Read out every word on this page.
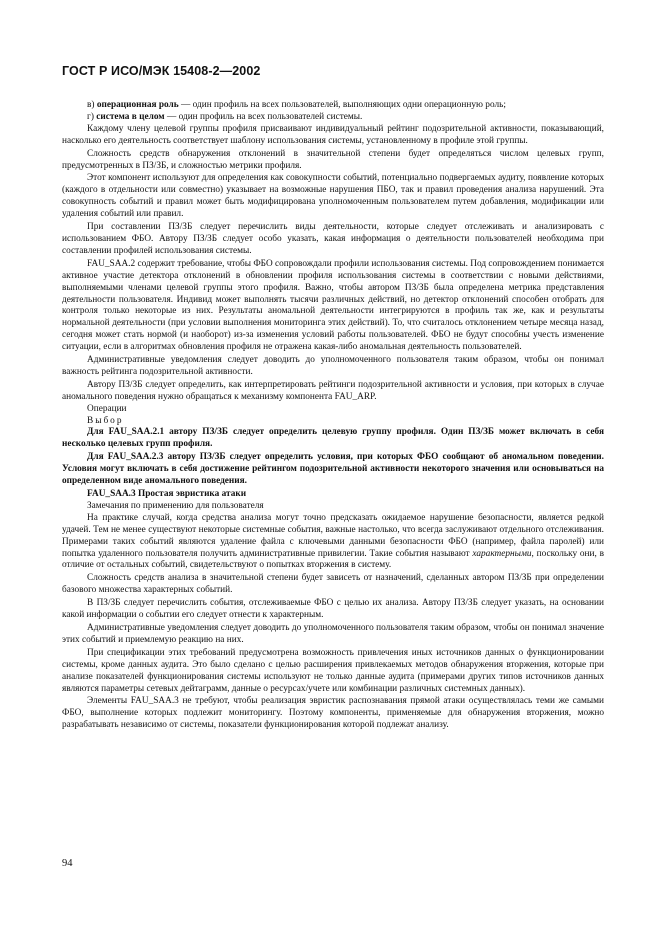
ГОСТ Р ИСО/МЭК 15408-2—2002

в) операционная роль — один профиль на всех пользователей, выполняющих одни операционную роль;

г) система в целом — один профиль на всех пользователей системы.

Каждому члену целевой группы профиля присваивают индивидуальный рейтинг подозрительной активности, показывающий, насколько его деятельность соответствует шаблону использования системы, установленному в профиле этой группы.

Сложность средств обнаружения отклонений в значительной степени будет определяться числом целевых групп, предусмотренных в ПЗ/ЗБ, и сложностью метрики профиля.

Этот компонент используют для определения как совокупности событий, потенциально подвергаемых аудиту, появление которых (каждого в отдельности или совместно) указывает на возможные нарушения ПБО, так и правил проведения анализа нарушений. Эта совокупность событий и правил может быть модифицирована уполномоченным пользователем путем добавления, модификации или удаления событий или правил.

При составлении ПЗ/ЗБ следует перечислить виды деятельности, которые следует отслеживать и анализировать с использованием ФБО. Автору ПЗ/ЗБ следует особо указать, какая информация о деятельности пользователей необходима при составлении профилей использования системы.

FAU_SAA.2 содержит требование, чтобы ФБО сопровождали профили использования системы. Под сопровождением понимается активное участие детектора отклонений в обновлении профиля использования системы в соответствии с новыми действиями, выполняемыми членами целевой группы этого профиля. Важно, чтобы автором ПЗ/ЗБ была определена метрика представления деятельности пользователя. Индивид может выполнять тысячи различных действий, но детектор отклонений способен отобрать для контроля только некоторые из них. Результаты аномальной деятельности интегрируются в профиль так же, как и результаты нормальной деятельности (при условии выполнения мониторинга этих действий). То, что считалось отклонением четыре месяца назад, сегодня может стать нормой (и наоборот) из-за изменения условий работы пользователей. ФБО не будут способны учесть изменение ситуации, если в алгоритмах обновления профиля не отражена какая-либо аномальная деятельность пользователей.

Административные уведомления следует доводить до уполномоченного пользователя таким образом, чтобы он понимал важность рейтинга подозрительной активности.

Автору ПЗ/ЗБ следует определить, как интерпретировать рейтинги подозрительной активности и условия, при которых в случае аномального поведения нужно обращаться к механизму компонента FAU_ARP.

Операции

Выбор

Для FAU_SAA.2.1 автору ПЗ/ЗБ следует определить целевую группу профиля. Один ПЗ/ЗБ может включать в себя несколько целевых групп профиля.

Для FAU_SAA.2.3 автору ПЗ/ЗБ следует определить условия, при которых ФБО сообщают об аномальном поведении. Условия могут включать в себя достижение рейтингом подозрительной активности некоторого значения или основываться на определенном виде аномального поведения.

FAU_SAA.3 Простая эвристика атаки

Замечания по применению для пользователя

На практике случай, когда средства анализа могут точно предсказать ожидаемое нарушение безопасности, является редкой удачей. Тем не менее существуют некоторые системные события, важные настолько, что всегда заслуживают отдельного отслеживания. Примерами таких событий являются удаление файла с ключевыми данными безопасности ФБО (например, файла паролей) или попытка удаленного пользователя получить административные привилегии. Такие события называют характерными, поскольку они, в отличие от остальных событий, свидетельствуют о попытках вторжения в систему.

Сложность средств анализа в значительной степени будет зависеть от назначений, сделанных автором ПЗ/ЗБ при определении базового множества характерных событий.

В ПЗ/ЗБ следует перечислить события, отслеживаемые ФБО с целью их анализа. Автору ПЗ/ЗБ следует указать, на основании какой информации о событии его следует отнести к характерным.

Административные уведомления следует доводить до уполномоченного пользователя таким образом, чтобы он понимал значение этих событий и приемлемую реакцию на них.

При спецификации этих требований предусмотрена возможность привлечения иных источников данных о функционировании системы, кроме данных аудита. Это было сделано с целью расширения привлекаемых методов обнаружения вторжения, которые при анализе показателей функционирования системы используют не только данные аудита (примерами других типов источников данных являются параметры сетевых дейтаграмм, данные о ресурсах/учете или комбинации различных системных данных).

Элементы FAU_SAA.3 не требуют, чтобы реализация эвристик распознавания прямой атаки осуществлялась теми же самыми ФБО, выполнение которых подлежит мониторингу. Поэтому компоненты, применяемые для обнаружения вторжения, можно разрабатывать независимо от системы, показатели функционирования которой подлежат анализу.

94
